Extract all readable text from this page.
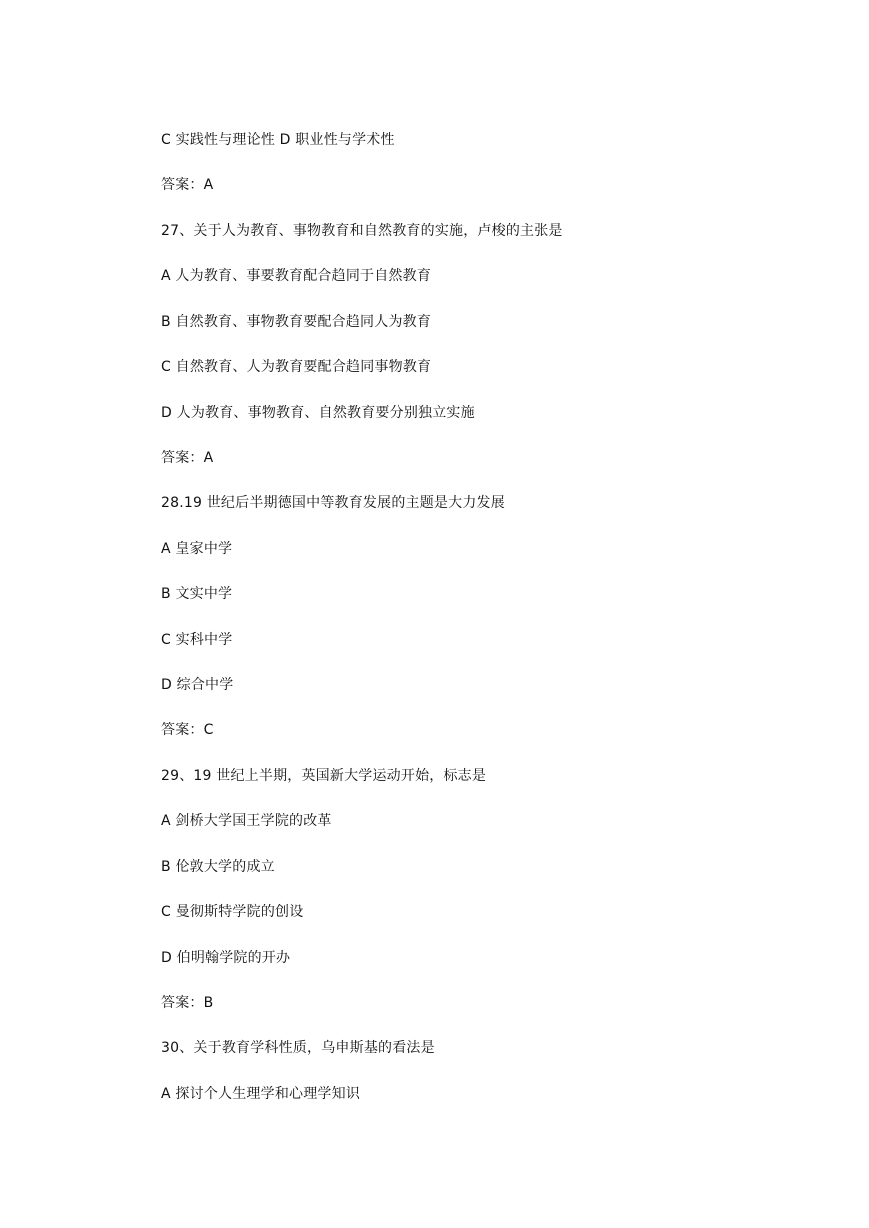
C 实践性与理论性 D 职业性与学术性
答案：A
27、关于人为教育、事物教育和自然教育的实施，卢梭的主张是
A 人为教育、事要教育配合趋同于自然教育
B 自然教育、事物教育要配合趋同人为教育
C 自然教育、人为教育要配合趋同事物教育
D 人为教育、事物教育、自然教育要分别独立实施
答案：A
28.19 世纪后半期德国中等教育发展的主题是大力发展
A 皇家中学
B 文实中学
C 实科中学
D 综合中学
答案：C
29、19 世纪上半期，英国新大学运动开始，标志是
A 剑桥大学国王学院的改革
B 伦敦大学的成立
C 曼彻斯特学院的创设
D 伯明翰学院的开办
答案：B
30、关于教育学科性质，乌申斯基的看法是
A 探讨个人生理学和心理学知识
